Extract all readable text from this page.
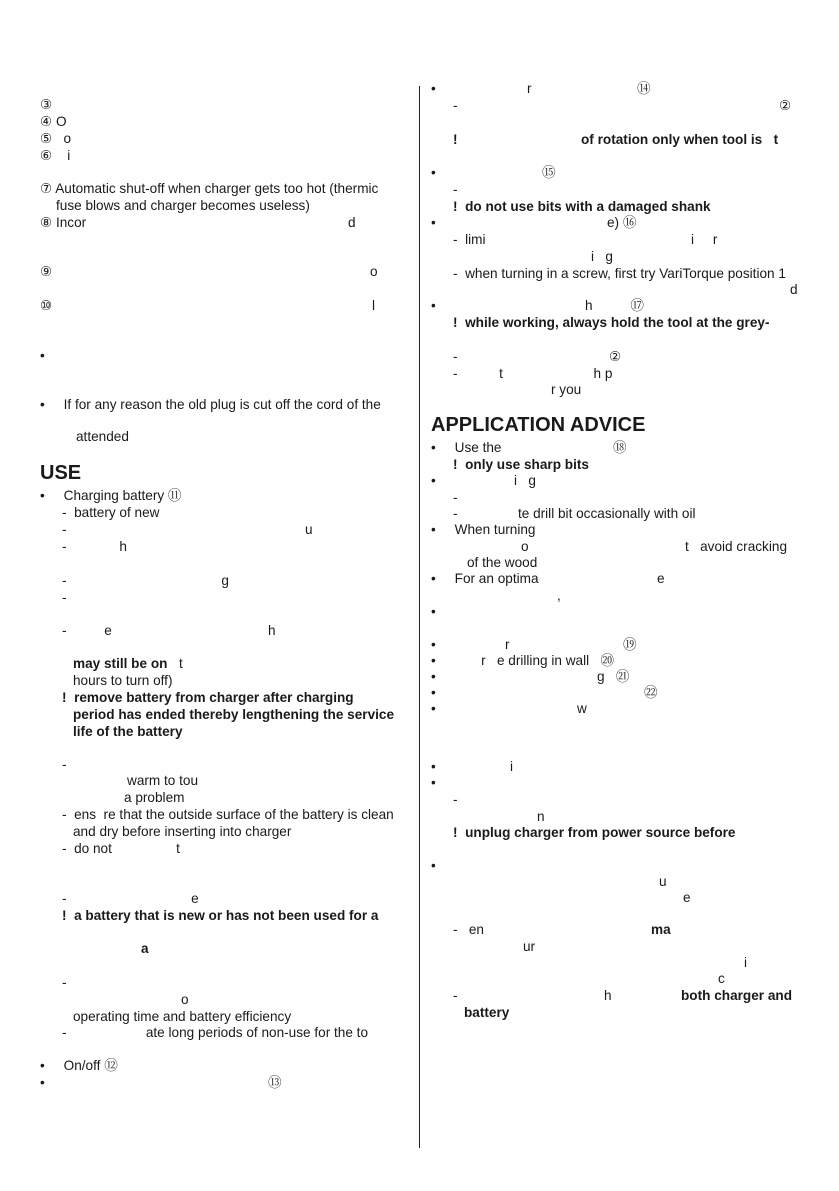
③
④ O
⑤   o
⑥    i
⑦ Automatic shut-off when charger gets too hot (thermic
fuse blows and charger becomes useless)
⑧ Incor	d
⑨	o
⑩	l
•
•     If for any reason the old plug is cut off the cord of the
attended
USE
•     Charging battery ⑪
-  battery of new
-	u
-              h
-                                         g
-
-          e	h
may still be on t
hours to turn off)
!  remove battery from charger after charging
period has ended thereby lengthening the service
life of the battery
-
warm to tou
a problem
-  ens  re that the outside surface of the battery is clean
and dry before inserting into charger
-  do not                 t
-                                 e
!  a battery that is new or has not been used for a
a
-
o
operating time and battery efficiency
-                     ate long periods of non-use for the to
•     On/off ⑫
•	⑬
•	r	⑭
-	②
!	of rotation only when tool is   t
•	⑮
-
!  do not use bits with a damaged shank
•	e) ⑯
-  limi	i     r
i   g
-  when turning in a screw, first try VariTorque position 1
d
•	h          ⑰
!  while working, always hold the tool at the grey-
-	②
-           t                        h p
r you
APPLICATION ADVICE
•     Use the	⑱
!  only use sharp bits
•	i   g
-
-                te drill bit occasionally with oil
•     When turning
o	t   avoid cracking
of the wood
•     For an optima	e
,
•
•	r	⑲
•            r   e drilling in wall   ⑳
•	g   ㉑
•	㉒
•	w
•	i
•
-
n
!  unplug charger from power source before
•
u
e
-   en	ma
ur
i
c
-	h	both charger and
battery
